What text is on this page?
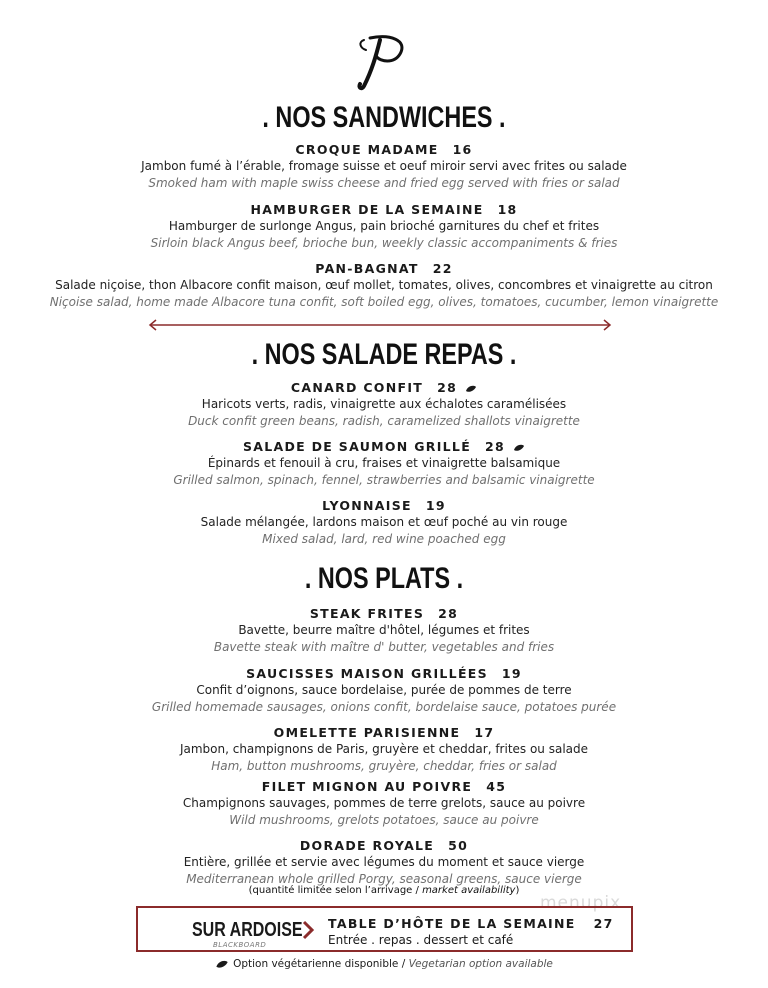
. NOS SANDWICHES .
CROQUE MADAME 16
Jambon fumé à l’érable, fromage suisse et oeuf miroir servi avec frites ou salade
Smoked ham with maple swiss cheese and fried egg served with fries or salad
HAMBURGER DE LA SEMAINE 18
Hamburger de surlonge Angus, pain brioché garnitures du chef et frites
Sirloin black Angus beef, brioche bun, weekly classic accompaniments & fries
PAN-BAGNAT 22
Salade niçoise, thon Albacore confit maison, œuf mollet, tomates, olives, concombres et vinaigrette au citron
Niçoise salad, home made Albacore tuna confit, soft boiled egg, olives, tomatoes, cucumber, lemon vinaigrette
. NOS SALADE REPAS .
CANARD CONFIT 28
Haricots verts, radis, vinaigrette aux échalotes caramélisées
Duck confit green beans, radish, caramelized shallots vinaigrette
SALADE DE SAUMON GRILLÉ 28
Épinards et fenouil à cru, fraises et vinaigrette balsamique
Grilled salmon, spinach, fennel, strawberries and balsamic vinaigrette
LYONNAISE 19
Salade mélangée, lardons maison et œuf poché au vin rouge
Mixed salad, lard, red wine poached egg
. NOS PLATS .
STEAK FRITES 28
Bavette, beurre maître d'hôtel, légumes et frites
Bavette steak with maître d' butter, vegetables and fries
SAUCISSES MAISON GRILLÉES 19
Confit d’oignons, sauce bordelaise, purée de pommes de terre
Grilled homemade sausages, onions confit, bordelaise sauce, potatoes purée
OMELETTE PARISIENNE 17
Jambon, champignons de Paris, gruyère et cheddar, frites ou salade
Ham, button mushrooms, gruyère, cheddar, fries or salad
FILET MIGNON AU POIVRE 45
Champignons sauvages, pommes de terre grelots, sauce au poivre
Wild mushrooms, grelots potatoes, sauce au poivre
DORADE ROYALE 50
Entière, grillée et servie avec légumes du moment et sauce vierge
Mediterranean whole grilled Porgy, seasonal greens, sauce vierge
(quantité limitée selon l’arrivage / market availability)
menupix
SUR ARDOISE
BLACKBOARD
TABLE D’HÔTE DE LA SEMAINE 27
Entrée . repas . dessert et café
Option végétarienne disponible / Vegetarian option available
